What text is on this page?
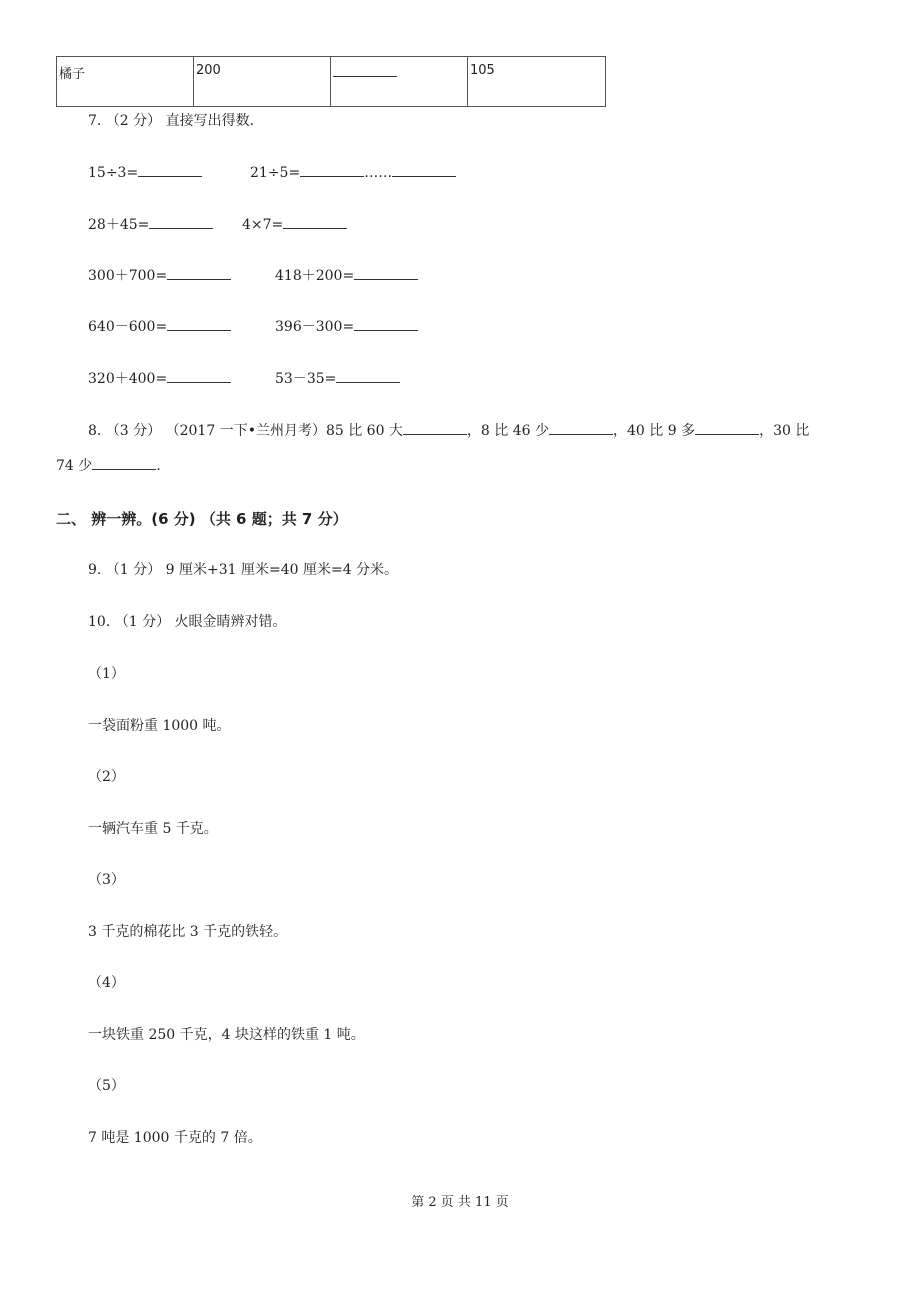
橘子	200		105
7. （2 分） 直接写出得数.
15÷3=	21÷5=	……
28＋45=	4×7=
300＋700=	418＋200=
640－600=	396－300=
320＋400=	53－35=
8. （3 分） （2017 一下•兰州月考）85 比 60 大	，8 比 46 少	，40 比 9 多	，30 比
74 少	.
二、 辨一辨。(6 分) （共 6 题；共 7 分）
9. （1 分） 9 厘米+31 厘米=40 厘米=4 分米。
10. （1 分） 火眼金睛辨对错。
（1）
一袋面粉重 1000 吨。
（2）
一辆汽车重 5 千克。
（3）
3 千克的棉花比 3 千克的铁轻。
（4）
一块铁重 250 千克，4 块这样的铁重 1 吨。
（5）
7 吨是 1000 千克的 7 倍。
第 2 页 共 11 页
